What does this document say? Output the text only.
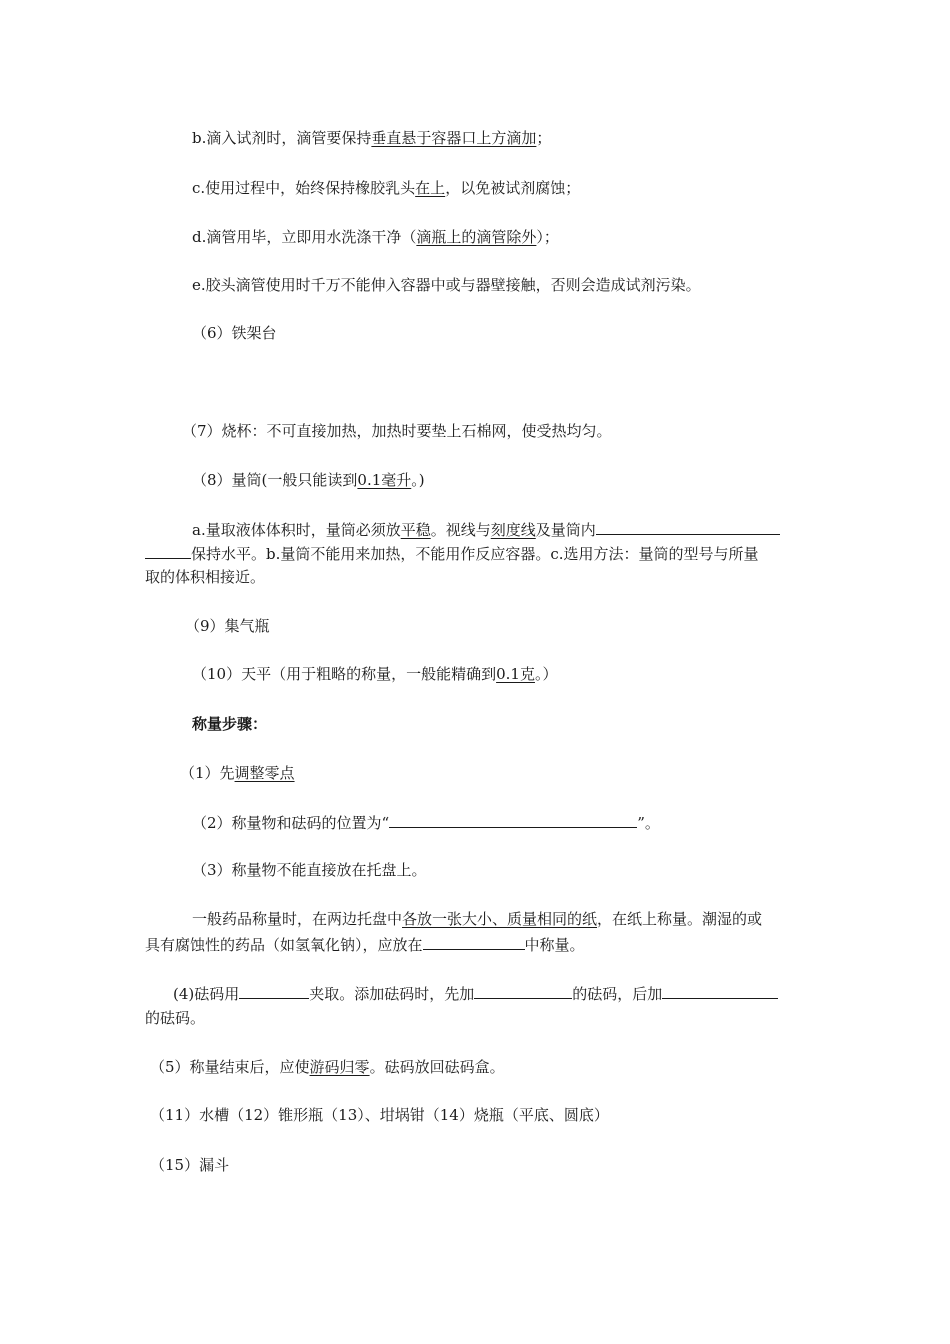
b.滴入试剂时，滴管要保持垂直悬于容器口上方滴加；
c.使用过程中，始终保持橡胶乳头在上，以免被试剂腐蚀；
d.滴管用毕，立即用水洗涤干净（滴瓶上的滴管除外）；
e.胶头滴管使用时千万不能伸入容器中或与器壁接触，否则会造成试剂污染。
（6）铁架台
（7）烧杯：不可直接加热，加热时要垫上石棉网，使受热均匀。
（8）量筒(一般只能读到0.1毫升。)
a.量取液体体积时，量筒必须放平稳。视线与刻度线及量筒内
保持水平。b.量筒不能用来加热，不能用作反应容器。c.选用方法：量筒的型号与所量
取的体积相接近。
（9）集气瓶
（10）天平（用于粗略的称量，一般能精确到0.1克。）
称量步骤：
（1）先调整零点
（2）称量物和砝码的位置为“	”。
（3）称量物不能直接放在托盘上。
一般药品称量时，在两边托盘中各放一张大小、质量相同的纸，在纸上称量。潮湿的或
具有腐蚀性的药品（如氢氧化钠），应放在	中称量。
(4)砝码用	夹取。添加砝码时，先加	的砝码，后加
的砝码。
（5）称量结束后，应使游码归零。砝码放回砝码盒。
（11）水槽（12）锥形瓶（13）、坩埚钳（14）烧瓶（平底、圆底）
（15）漏斗
